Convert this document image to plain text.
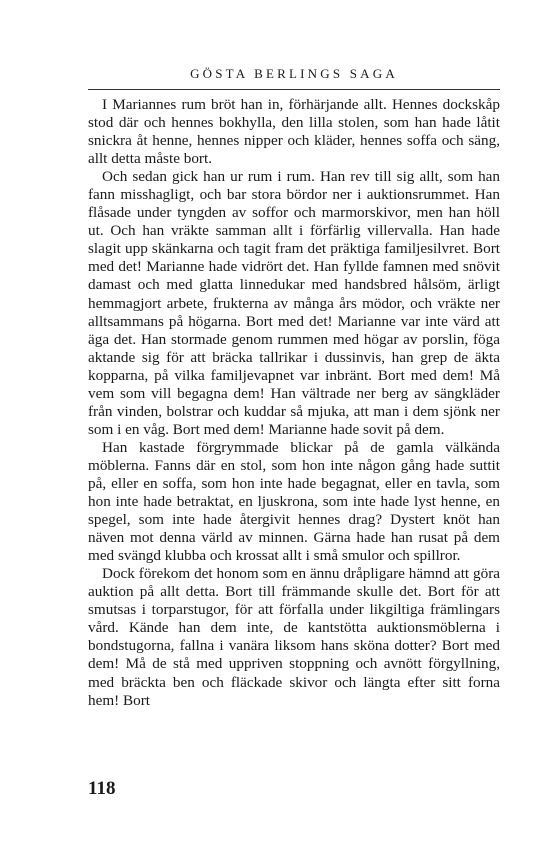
GÖSTA BERLINGS SAGA

I Mariannes rum bröt han in, förhärjande allt. Hennes dockskåp stod där och hennes bokhylla, den lilla stolen, som han hade låtit snickra åt henne, hennes nipper och kläder, hennes soffa och säng, allt detta måste bort.

Och sedan gick han ur rum i rum. Han rev till sig allt, som han fann misshagligt, och bar stora bördor ner i auktionsrummet. Han flåsade under tyngden av soffor och marmorskivor, men han höll ut. Och han vräkte samman allt i förfärlig villervalla. Han hade slagit upp skänkarna och tagit fram det präktiga familjesilvret. Bort med det! Marianne hade vidrört det. Han fyllde famnen med snövit damast och med glatta linnedukar med handsbred hålsöm, ärligt hemmagjort arbete, frukterna av många års mödor, och vräkte ner alltsammans på högarna. Bort med det! Marianne var inte värd att äga det. Han stormade genom rummen med högar av porslin, föga aktande sig för att bräcka tallrikar i dussinvis, han grep de äkta kopparna, på vilka familjevapnet var inbränt. Bort med dem! Må vem som vill begagna dem! Han vältrade ner berg av sängkläder från vinden, bolstrar och kuddar så mjuka, att man i dem sjönk ner som i en våg. Bort med dem! Marianne hade sovit på dem.

Han kastade förgrymmade blickar på de gamla välkända möblerna. Fanns där en stol, som hon inte någon gång hade suttit på, eller en soffa, som hon inte hade begagnat, eller en tavla, som hon inte hade betraktat, en ljuskrona, som inte hade lyst henne, en spegel, som inte hade återgivit hennes drag? Dystert knöt han näven mot denna värld av minnen. Gärna hade han rusat på dem med svängd klubba och krossat allt i små smulor och spillror.

Dock förekom det honom som en ännu dråpligare hämnd att göra auktion på allt detta. Bort till främmande skulle det. Bort för att smutsas i torparstugor, för att förfalla under likgiltiga främlingars vård. Kände han dem inte, de kantstötta auktionsmöblerna i bondstugorna, fallna i vanära liksom hans sköna dotter? Bort med dem! Må de stå med uppriven stoppning och avnött förgyllning, med bräckta ben och fläckade skivor och längta efter sitt forna hem! Bort

118
